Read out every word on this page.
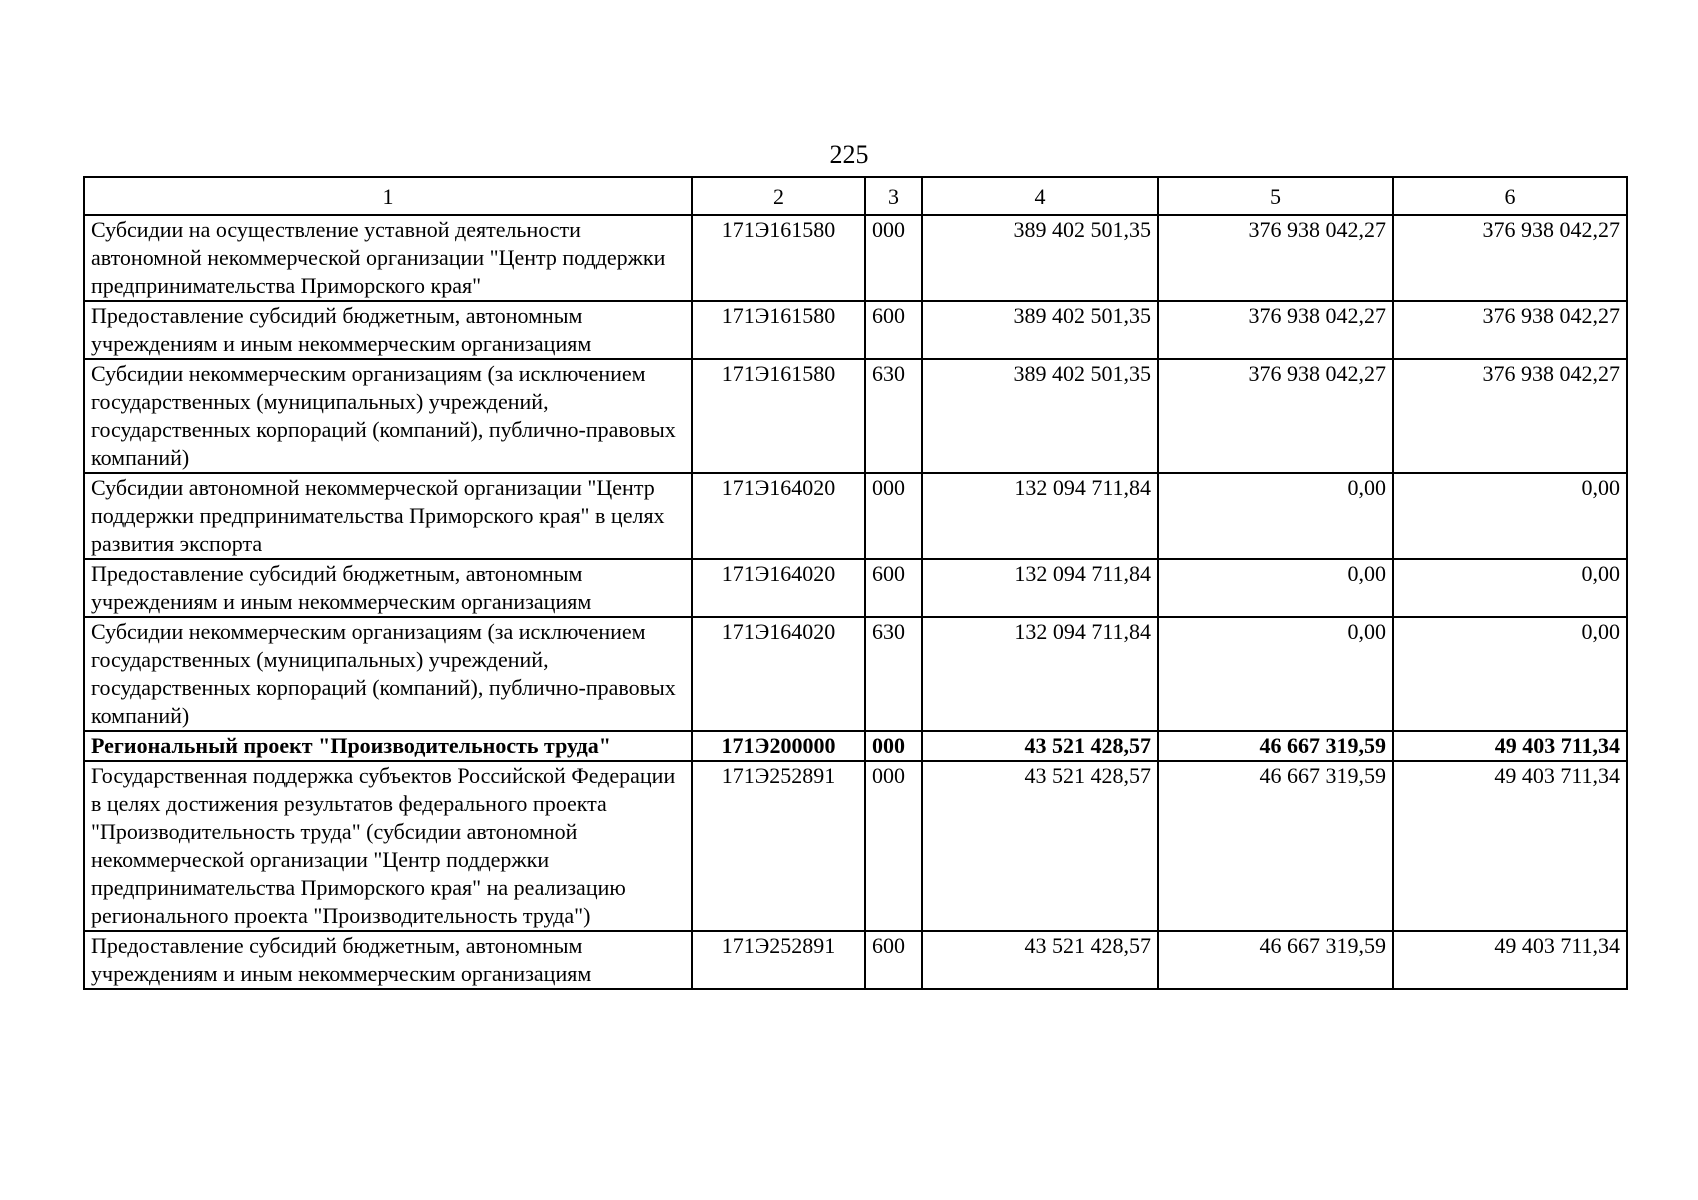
225
1	2	3	4	5	6
Субсидии на осуществление уставной деятельности автономной некоммерческой организации "Центр поддержки предпринимательства Приморского края"	171Э161580	000	389 402 501,35	376 938 042,27	376 938 042,27
Предоставление субсидий бюджетным, автономным учреждениям и иным некоммерческим организациям	171Э161580	600	389 402 501,35	376 938 042,27	376 938 042,27
Субсидии некоммерческим организациям (за исключением государственных (муниципальных) учреждений, государственных корпораций (компаний), публично-правовых компаний)	171Э161580	630	389 402 501,35	376 938 042,27	376 938 042,27
Субсидии автономной некоммерческой организации "Центр поддержки предпринимательства Приморского края" в целях развития экспорта	171Э164020	000	132 094 711,84	0,00	0,00
Предоставление субсидий бюджетным, автономным учреждениям и иным некоммерческим организациям	171Э164020	600	132 094 711,84	0,00	0,00
Субсидии некоммерческим организациям (за исключением государственных (муниципальных) учреждений, государственных корпораций (компаний), публично-правовых компаний)	171Э164020	630	132 094 711,84	0,00	0,00
Региональный проект "Производительность труда"	171Э200000	000	43 521 428,57	46 667 319,59	49 403 711,34
Государственная поддержка субъектов Российской Федерации в целях достижения результатов федерального проекта "Производительность труда" (субсидии автономной некоммерческой организации "Центр поддержки предпринимательства Приморского края" на реализацию регионального проекта "Производительность труда")	171Э252891	000	43 521 428,57	46 667 319,59	49 403 711,34
Предоставление субсидий бюджетным, автономным учреждениям и иным некоммерческим организациям	171Э252891	600	43 521 428,57	46 667 319,59	49 403 711,34
